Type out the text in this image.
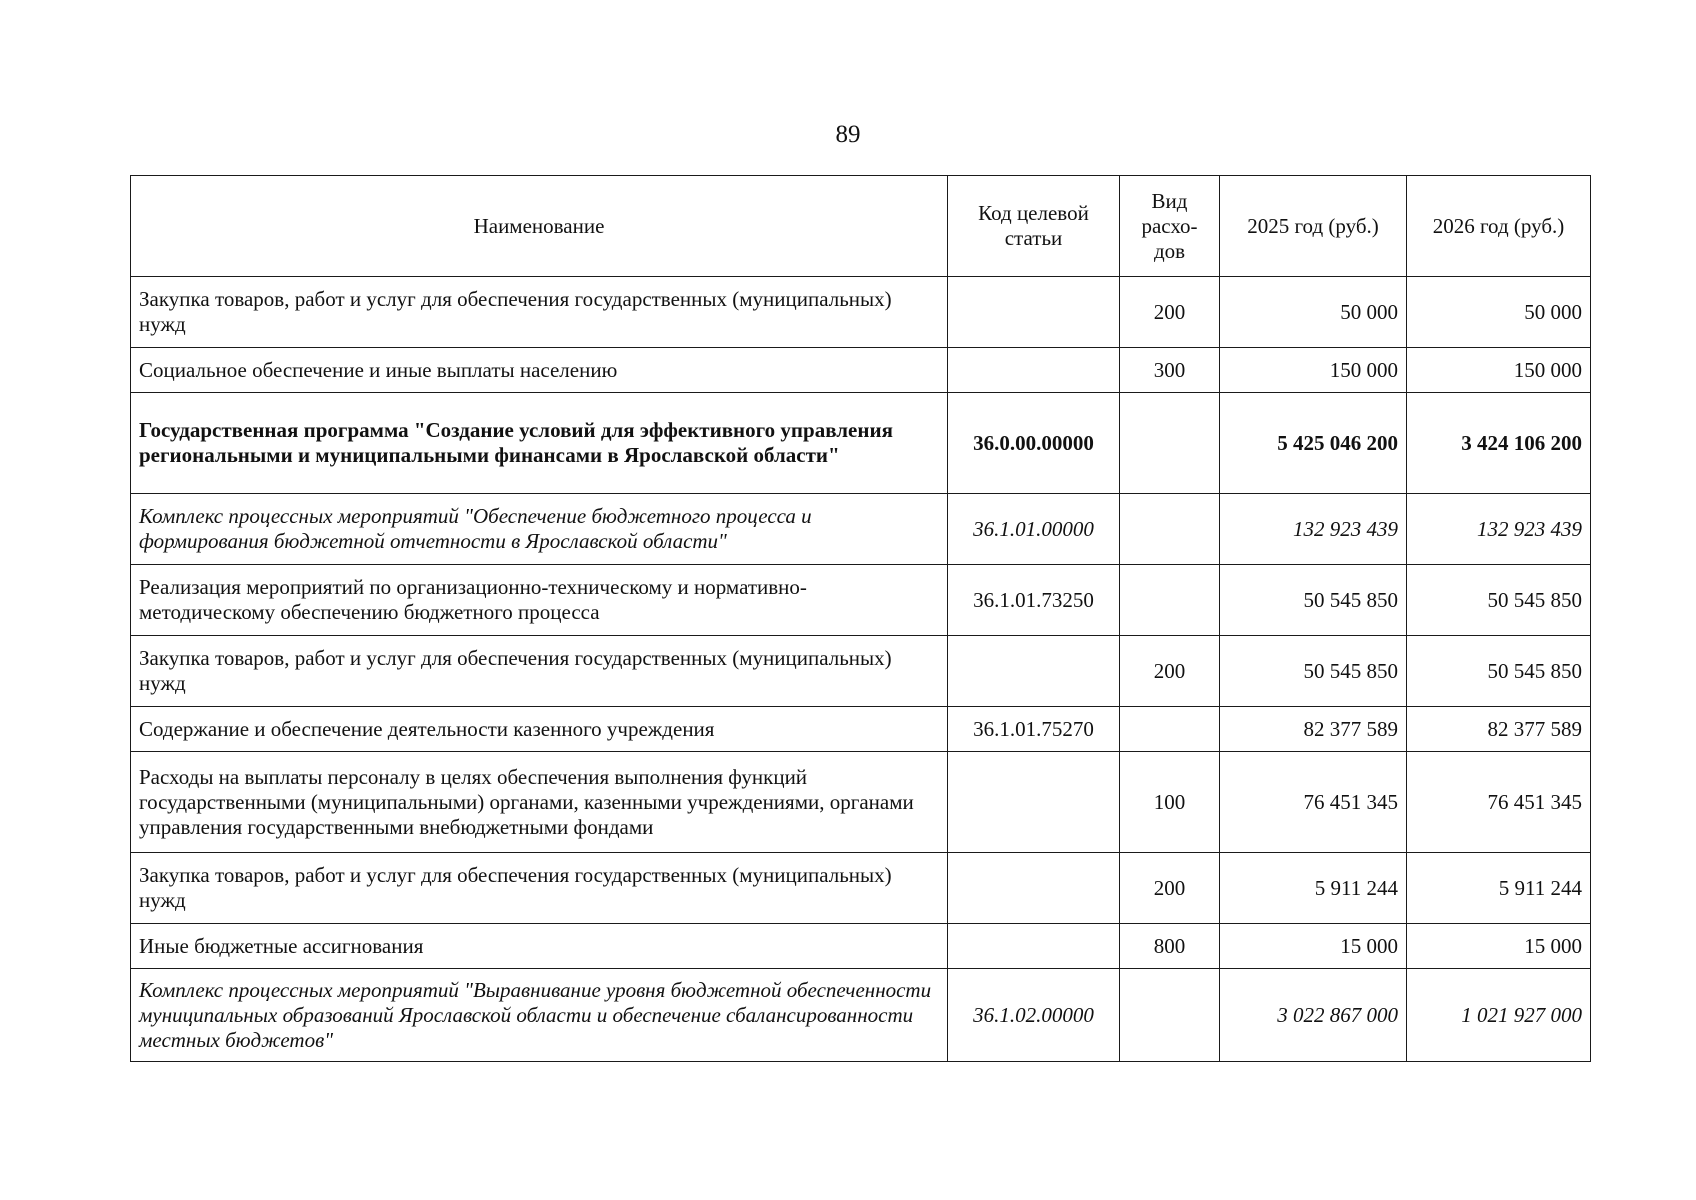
89
Наименование	Код целевой статьи	Вид расхо-дов	2025 год (руб.)	2026 год (руб.)
Закупка товаров, работ и услуг для обеспечения государственных (муниципальных) нужд		200	50 000	50 000
Социальное обеспечение и иные выплаты населению		300	150 000	150 000
Государственная программа "Создание условий для эффективного управления региональными и муниципальными финансами в Ярославской области"	36.0.00.00000		5 425 046 200	3 424 106 200
Комплекс процессных мероприятий "Обеспечение бюджетного процесса и формирования бюджетной отчетности в Ярославской области"	36.1.01.00000		132 923 439	132 923 439
Реализация мероприятий по организационно-техническому и нормативно-методическому обеспечению бюджетного процесса	36.1.01.73250		50 545 850	50 545 850
Закупка товаров, работ и услуг для обеспечения государственных (муниципальных) нужд		200	50 545 850	50 545 850
Содержание и обеспечение деятельности казенного учреждения	36.1.01.75270		82 377 589	82 377 589
Расходы на выплаты персоналу в целях обеспечения выполнения функций государственными (муниципальными) органами, казенными учреждениями, органами управления государственными внебюджетными фондами		100	76 451 345	76 451 345
Закупка товаров, работ и услуг для обеспечения государственных (муниципальных) нужд		200	5 911 244	5 911 244
Иные бюджетные ассигнования		800	15 000	15 000
Комплекс процессных мероприятий "Выравнивание уровня бюджетной обеспеченности муниципальных образований Ярославской области и обеспечение сбалансированности местных бюджетов"	36.1.02.00000		3 022 867 000	1 021 927 000
